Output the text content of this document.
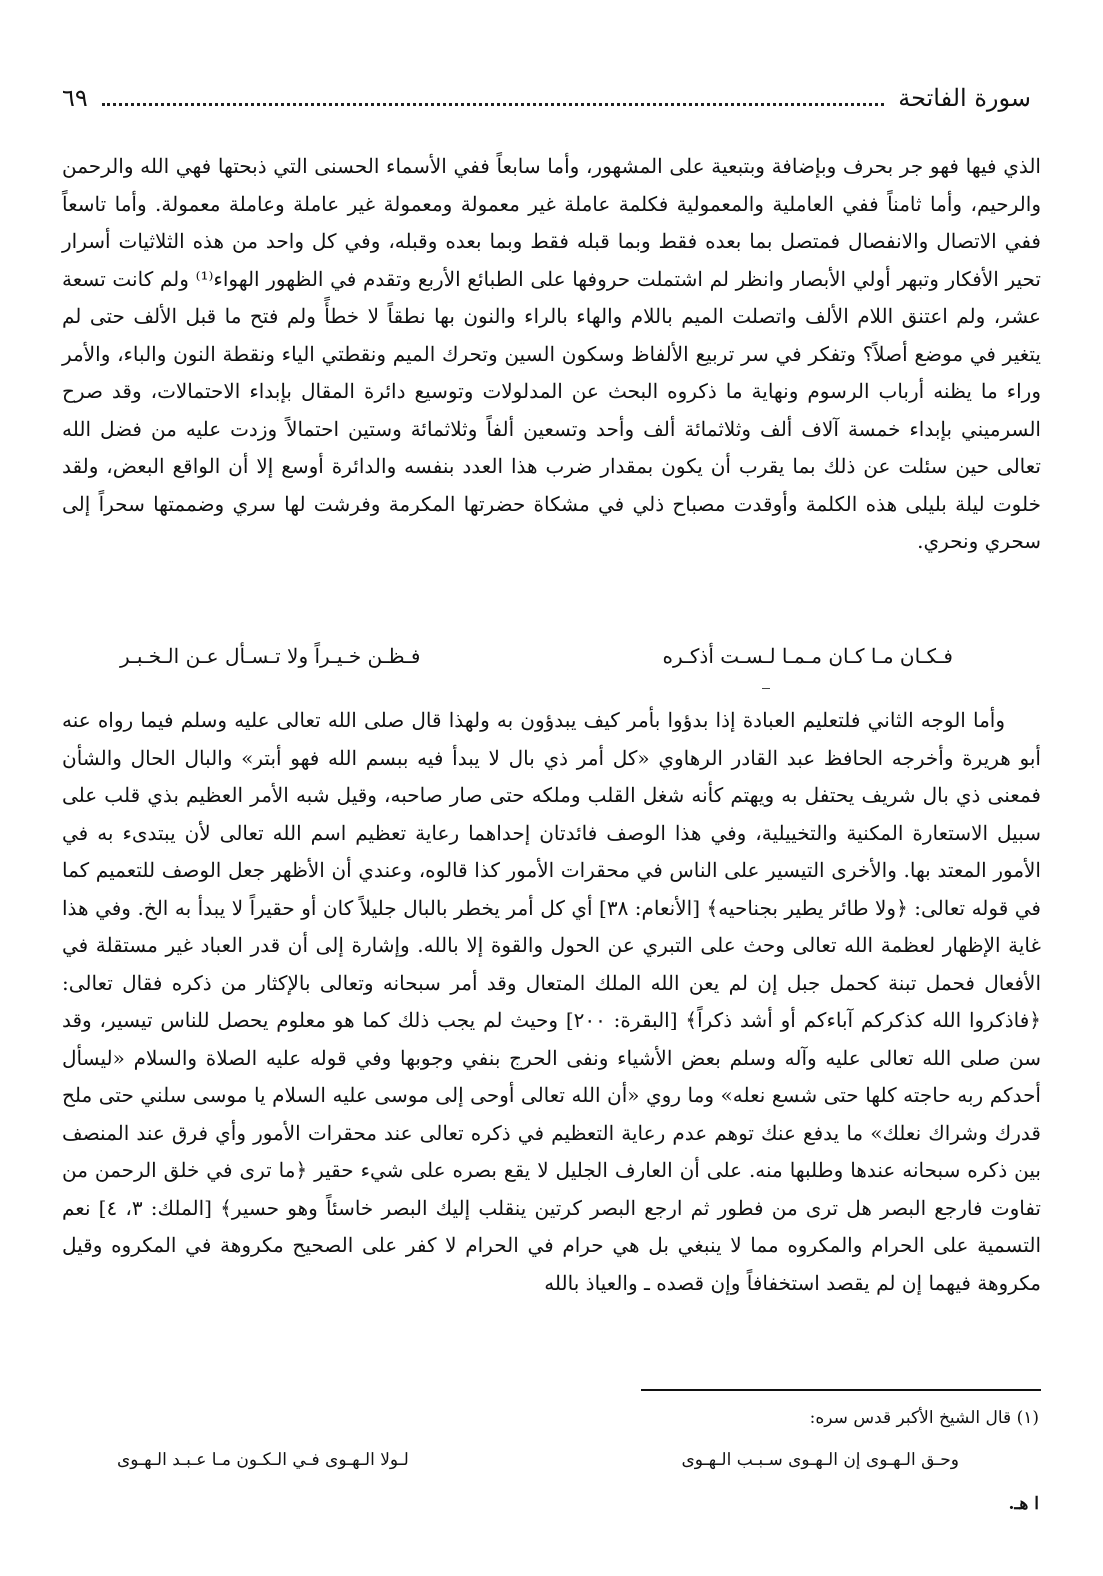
سورة الفاتحة
٦٩

الذي فيها فهو جر بحرف وبإضافة وبتبعية على المشهور، وأما سابعاً ففي الأسماء الحسنى التي ذبحتها فهي الله والرحمن والرحيم، وأما ثامناً ففي العاملية والمعمولية فكلمة عاملة غير معمولة ومعمولة غير عاملة وعاملة معمولة. وأما تاسعاً ففي الاتصال والانفصال فمتصل بما بعده فقط وبما قبله فقط وبما بعده وقبله، وفي كل واحد من هذه الثلاثيات أسرار تحير الأفكار وتبهر أولي الأبصار وانظر لم اشتملت حروفها على الطبائع الأربع وتقدم في الظهور الهواء⁽¹⁾ ولم كانت تسعة عشر، ولم اعتنق اللام الألف واتصلت الميم باللام والهاء بالراء والنون بها نطقاً لا خطأً ولم فتح ما قبل الألف حتى لم يتغير في موضع أصلاً؟ وتفكر في سر تربيع الألفاظ وسكون السين وتحرك الميم ونقطتي الياء ونقطة النون والباء، والأمر وراء ما يظنه أرباب الرسوم ونهاية ما ذكروه البحث عن المدلولات وتوسيع دائرة المقال بإبداء الاحتمالات، وقد صرح السرميني بإبداء خمسة آلاف ألف وثلاثمائة ألف وأحد وتسعين ألفاً وثلاثمائة وستين احتمالاً وزدت عليه من فضل الله تعالى حين سئلت عن ذلك بما يقرب أن يكون بمقدار ضرب هذا العدد بنفسه والدائرة أوسع إلا أن الواقع البعض، ولقد خلوت ليلة بليلى هذه الكلمة وأوقدت مصباح ذلي في مشكاة حضرتها المكرمة وفرشت لها سري وضممتها سحراً إلى سحري ونحري.

فـكـان مـا كـان مـمـا لـسـت أذكـره
فـظـن خـيـراً ولا تـسـأل عـن الـخـبـر

وأما الوجه الثاني فلتعليم العبادة إذا بدؤوا بأمر كيف يبدؤون به ولهذا قال صلى الله تعالى عليه وسلم فيما رواه عنه أبو هريرة وأخرجه الحافظ عبد القادر الرهاوي «كل أمر ذي بال لا يبدأ فيه ببسم الله فهو أبتر» والبال الحال والشأن فمعنى ذي بال شريف يحتفل به ويهتم كأنه شغل القلب وملكه حتى صار صاحبه، وقيل شبه الأمر العظيم بذي قلب على سبيل الاستعارة المكنية والتخييلية، وفي هذا الوصف فائدتان إحداهما رعاية تعظيم اسم الله تعالى لأن يبتدىء به في الأمور المعتد بها. والأخرى التيسير على الناس في محقرات الأمور كذا قالوه، وعندي أن الأظهر جعل الوصف للتعميم كما في قوله تعالى: ﴿ولا طائر يطير بجناحيه﴾ [الأنعام: ٣٨] أي كل أمر يخطر بالبال جليلاً كان أو حقيراً لا يبدأ به الخ. وفي هذا غاية الإظهار لعظمة الله تعالى وحث على التبري عن الحول والقوة إلا بالله. وإشارة إلى أن قدر العباد غير مستقلة في الأفعال فحمل تبنة كحمل جبل إن لم يعن الله الملك المتعال وقد أمر سبحانه وتعالى بالإكثار من ذكره فقال تعالى: ﴿فاذكروا الله كذكركم آباءكم أو أشد ذكراً﴾ [البقرة: ٢٠٠] وحيث لم يجب ذلك كما هو معلوم يحصل للناس تيسير، وقد سن صلى الله تعالى عليه وآله وسلم بعض الأشياء ونفى الحرج بنفي وجوبها وفي قوله عليه الصلاة والسلام «ليسأل أحدكم ربه حاجته كلها حتى شسع نعله» وما روي «أن الله تعالى أوحى إلى موسى عليه السلام يا موسى سلني حتى ملح قدرك وشراك نعلك» ما يدفع عنك توهم عدم رعاية التعظيم في ذكره تعالى عند محقرات الأمور وأي فرق عند المنصف بين ذكره سبحانه عندها وطلبها منه. على أن العارف الجليل لا يقع بصره على شيء حقير ﴿ما ترى في خلق الرحمن من تفاوت فارجع البصر هل ترى من فطور ثم ارجع البصر كرتين ينقلب إليك البصر خاسئاً وهو حسير﴾ [الملك: ٣، ٤] نعم التسمية على الحرام والمكروه مما لا ينبغي بل هي حرام في الحرام لا كفر على الصحيح مكروهة في المكروه وقيل مكروهة فيهما إن لم يقصد استخفافاً وإن قصده ـ والعياذ بالله

(١) قال الشيخ الأكبر قدس سره:
وحـق الـهـوى إن الـهـوى سـبـب الـهـوى
لـولا الـهـوى فـي الـكـون مـا عـبـد الـهـوى
ا هـ.
